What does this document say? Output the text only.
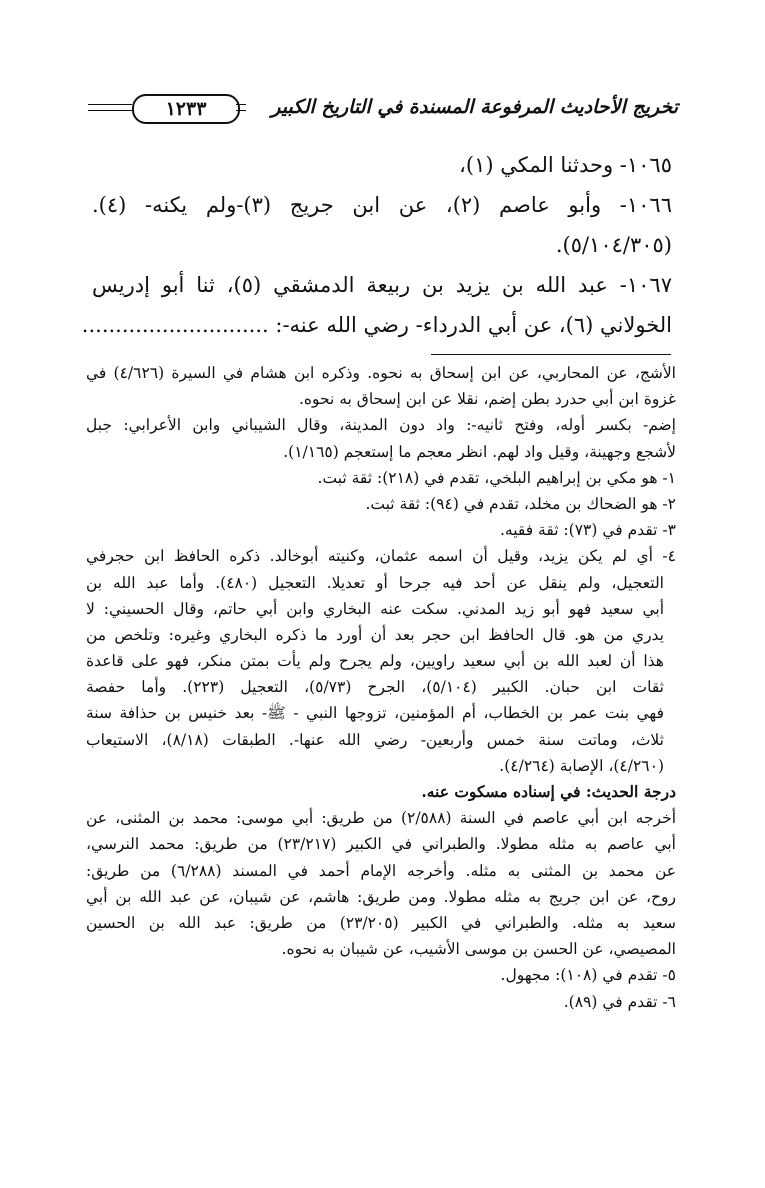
تخريج الأحاديث المرفوعة المسندة في التاريخ الكبير
١٢٣٣
١٠٦٥- وحدثنا المكي (١)،
١٠٦٦- وأبو عاصم (٢)، عن ابن جريج (٣)-ولم يكنه- (٤).
(٥/١٠٤/٣٠٥).
١٠٦٧- عبد الله بن يزيد بن ربيعة الدمشقي (٥)، ثنا أبو إدريس
الخولاني (٦)، عن أبي الدرداء- رضي الله عنه-: ............................
الأشج، عن المحاربي، عن ابن إسحاق به نحوه. وذكره ابن هشام في السيرة (٤/٦٢٦) في
غزوة ابن أبي حدرد بطن إضم، نقلا عن ابن إسحاق به نحوه.
إضم- بكسر أوله، وفتح ثانيه-: واد دون المدينة، وقال الشيباني وابن الأعرابي: جبل
لأشجع وجهينة، وقيل واد لهم. انظر معجم ما إستعجم (١/١٦٥).
١- هو مكي بن إبراهيم البلخي، تقدم في (٢١٨): ثقة ثبت.
٢- هو الضحاك بن مخلد، تقدم في (٩٤): ثقة ثبت.
٣- تقدم في (٧٣): ثقة فقيه.
٤- أي لم يكن يزيد، وقيل أن اسمه عثمان، وكنيته أبوخالد. ذكره الحافظ ابن حجرفي
التعجيل، ولم ينقل عن أحد فيه جرحا أو تعديلا. التعجيل (٤٨٠). وأما عبد الله بن
أبي سعيد فهو أبو زيد المدني. سكت عنه البخاري وابن أبي حاتم، وقال الحسيني: لا
يدري من هو. قال الحافظ ابن حجر بعد أن أورد ما ذكره البخاري وغيره: وتلخص من
هذا أن لعبد الله بن أبي سعيد راويين، ولم يجرح ولم يأت بمتن منكر، فهو على قاعدة
ثقات ابن حبان. الكبير (٥/١٠٤)، الجرح (٥/٧٣)، التعجيل (٢٢٣). وأما حفصة
فهي بنت عمر بن الخطاب، أم المؤمنين، تزوجها النبي - ﷺ- بعد خنيس بن حذافة سنة
ثلاث، وماتت سنة خمس وأربعين- رضي الله عنها-. الطبقات (٨/١٨)، الاستيعاب
(٤/٢٦٠)، الإصابة (٤/٢٦٤).
درجة الحديث: في إسناده مسكوت عنه.
أخرجه ابن أبي عاصم في السنة (٢/٥٨٨) من طريق: أبي موسى: محمد بن المثنى، عن
أبي عاصم به مثله مطولا. والطبراني في الكبير (٢٣/٢١٧) من طريق: محمد النرسي،
عن محمد بن المثنى به مثله. وأخرجه الإمام أحمد في المسند (٦/٢٨٨) من طريق:
روح، عن ابن جريج به مثله مطولا. ومن طريق: هاشم، عن شيبان، عن عبد الله بن أبي
سعيد به مثله. والطبراني في الكبير (٢٣/٢٠٥) من طريق: عبد الله بن الحسين
المصيصي، عن الحسن بن موسى الأشيب، عن شيبان به نحوه.
٥- تقدم في (١٠٨): مجهول.
٦- تقدم في (٨٩).
